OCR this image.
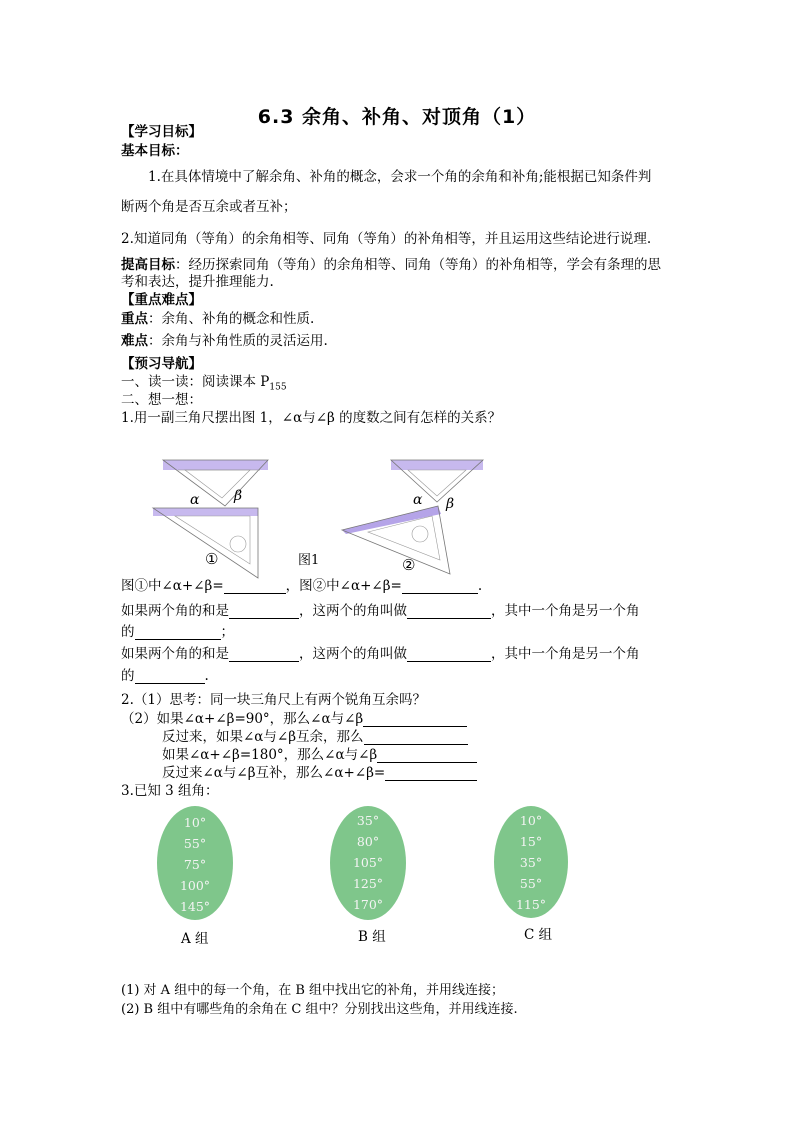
6.3 余角、补角、对顶角（1）
【学习目标】
基本目标：
1.在具体情境中了解余角、补角的概念，会求一个角的余角和补角;能根据已知条件判
断两个角是否互余或者互补；
2.知道同角（等角）的余角相等、同角（等角）的补角相等，并且运用这些结论进行说理.
提高目标：经历探索同角（等角）的余角相等、同角（等角）的补角相等，学会有条理的思
考和表达，提升推理能力.
【重点难点】
重点：余角、补角的概念和性质.
难点：余角与补角性质的灵活运用.
【预习导航】
一、读一读：阅读课本 $P_{155}$
二、想一想：
1.用一副三角尺摆出图 1，∠α与∠β 的度数之间有怎样的关系？
α β
①
α β
②
图1
图①中∠α+∠β=	，图②中∠α+∠β=	.
如果两个角的和是	，这两个的角叫做	，其中一个角是另一个角
的	；
如果两个角的和是	，这两个的角叫做	，其中一个角是另一个角
的	.
2.（1）思考：同一块三角尺上有两个锐角互余吗？
（2）如果∠α+∠β=90°，那么∠α与∠β
反过来，如果∠α与∠β互余，那么
如果∠α+∠β=180°，那么∠α与∠β
反过来∠α与∠β互补，那么∠α+∠β=
3.已知 3 组角：
10°
55°
75°
100°
145°
A 组
35°
80°
105°
125°
170°
B 组
10°
15°
35°
55°
115°
C 组
(1) 对 A 组中的每一个角，在 B 组中找出它的补角，并用线连接；
(2) B 组中有哪些角的余角在 C 组中？分别找出这些角，并用线连接.
